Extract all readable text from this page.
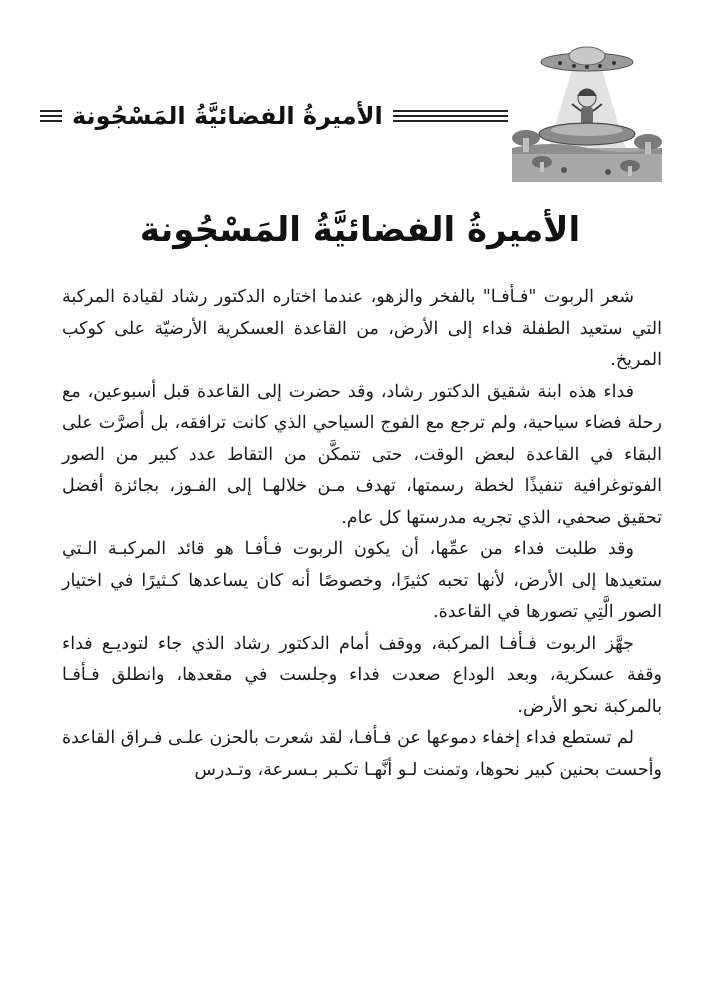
الأميرةُ الفضائيَّةُ المَسْجُونة
الأميرةُ الفضائيَّةُ المَسْجُونة

شعر الربوت "فـأفـا" بالفخر والزهو، عندما اختاره الدكتور رشاد لقيادة المركبة التي ستعيد الطفلة فداء إلى الأرض، من القاعدة العسكرية الأرضيّة على كوكب المريخ.

فداء هذه ابنة شقيق الدكتور رشاد، وقد حضرت إلى القاعدة قبل أسبوعين، مع رحلة فضاء سياحية، ولم ترجع مع الفوج السياحي الذي كانت ترافقه، بل أصرَّت على البقاء في القاعدة لبعض الوقت، حتى تتمكَّن من التقاط عدد كبير من الصور الفوتوغرافية تنفيذًا لخطة رسمتها، تهدف مـن خلالهـا إلى الفـوز، بجائزة أفضل تحقيق صحفي، الذي تجريه مدرستها كل عام.

وقد طلبت فداء من عمِّها، أن يكون الربوت فـأفـا هو قائد المركبـة الـتي ستعيدها إلى الأرض، لأنها تحبه كثيرًا، وخصوصًا أنه كان يساعدها كـثيرًا في اختيار الصور الَّتِي تصورها في القاعدة.

جهَّز الربوت فـأفـا المركبة، ووقف أمام الدكتور رشاد الذي جاء لتوديـع فداء وقفة عسكرية، وبعد الوداع صعدت فداء وجلست في مقعدها، وانطلق فـأفـا بالمركبة نحو الأرض.

لم تستطع فداء إخفاء دموعها عن فـأفـا، لقد شعرت بالحزن علـى فـراق القاعدة وأحست بحنين كبير نحوها، وتمنت لـو أنَّهـا تكـبر بـسرعة، وتـدرس
